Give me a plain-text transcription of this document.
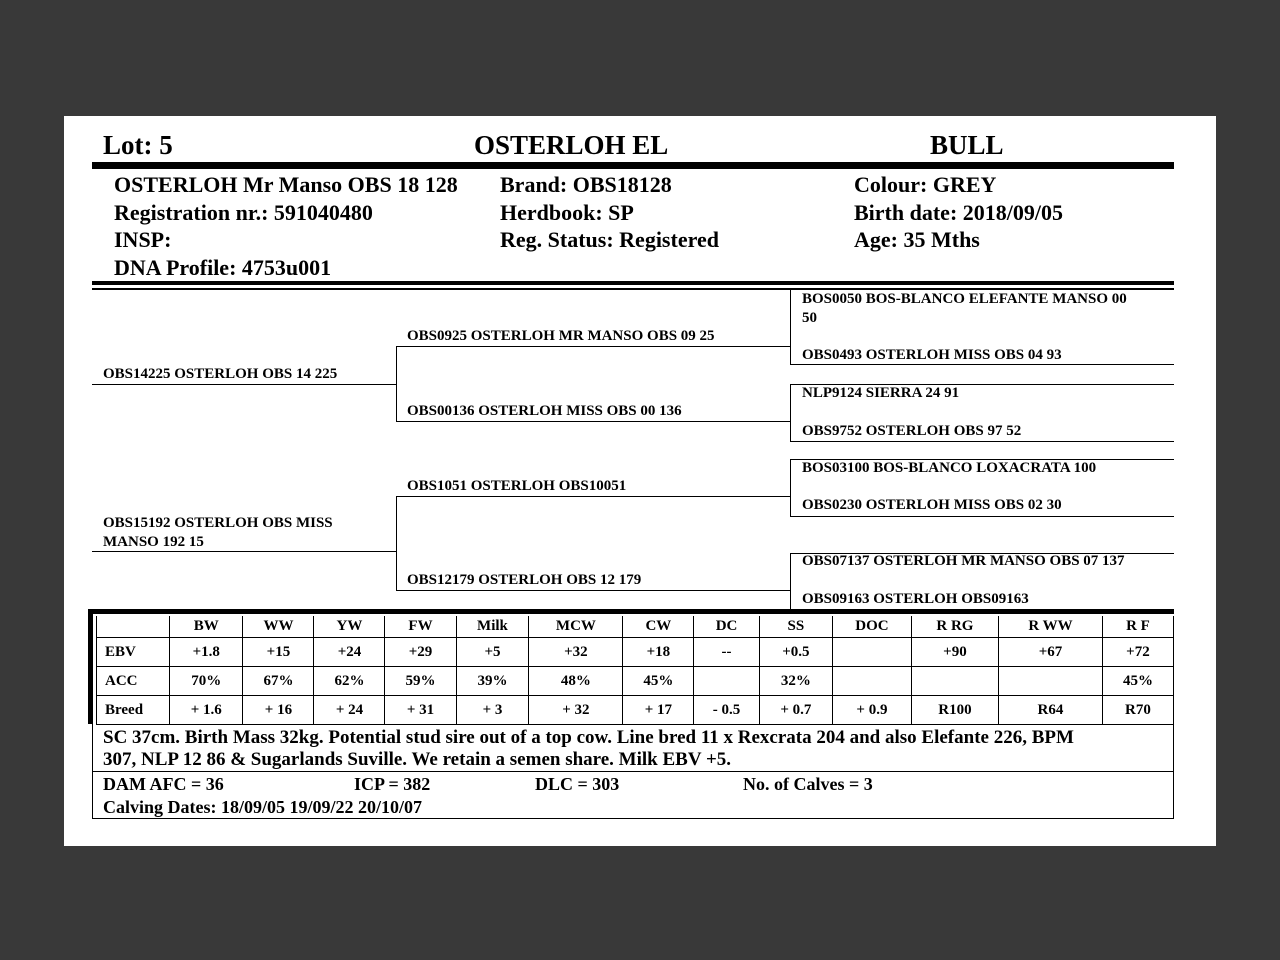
Lot: 5	OSTERLOH EL	BULL
OSTERLOH Mr Manso OBS 18 128
Registration nr.: 591040480
INSP:
DNA Profile: 4753u001
Brand: OBS18128
Herdbook: SP
Reg. Status: Registered
Colour: GREY
Birth date: 2018/09/05
Age: 35 Mths
OBS14225 OSTERLOH OBS 14 225
OBS15192 OSTERLOH OBS MISS
MANSO 192 15
OBS0925 OSTERLOH MR MANSO OBS 09 25
OBS00136 OSTERLOH MISS OBS 00 136
OBS1051 OSTERLOH OBS10051
OBS12179 OSTERLOH OBS 12 179
BOS0050 BOS-BLANCO ELEFANTE MANSO 00
50
OBS0493 OSTERLOH MISS OBS 04 93
NLP9124 SIERRA 24 91
OBS9752 OSTERLOH OBS 97 52
BOS03100 BOS-BLANCO LOXACRATA 100
OBS0230 OSTERLOH MISS OBS 02 30
OBS07137 OSTERLOH MR MANSO OBS 07 137
OBS09163 OSTERLOH OBS09163
	BW	WW	YW	FW	Milk	MCW	CW	DC	SS	DOC	R RG	R WW	R F
EBV	+1.8	+15	+24	+29	+5	+32	+18	--	+0.5		+90	+67	+72
ACC	70%	67%	62%	59%	39%	48%	45%		32%				45%
Breed	+ 1.6	+ 16	+ 24	+ 31	+ 3	+ 32	+ 17	- 0.5	+ 0.7	+ 0.9	R100	R64	R70
SC 37cm. Birth Mass 32kg. Potential stud sire out of a top cow. Line bred 11 x Rexcrata 204 and also Elefante 226, BPM
307, NLP 12 86 & Sugarlands Suville. We retain a semen share. Milk EBV +5.
DAM AFC = 36	ICP = 382	DLC = 303	No. of Calves = 3
Calving Dates: 18/09/05 19/09/22 20/10/07
